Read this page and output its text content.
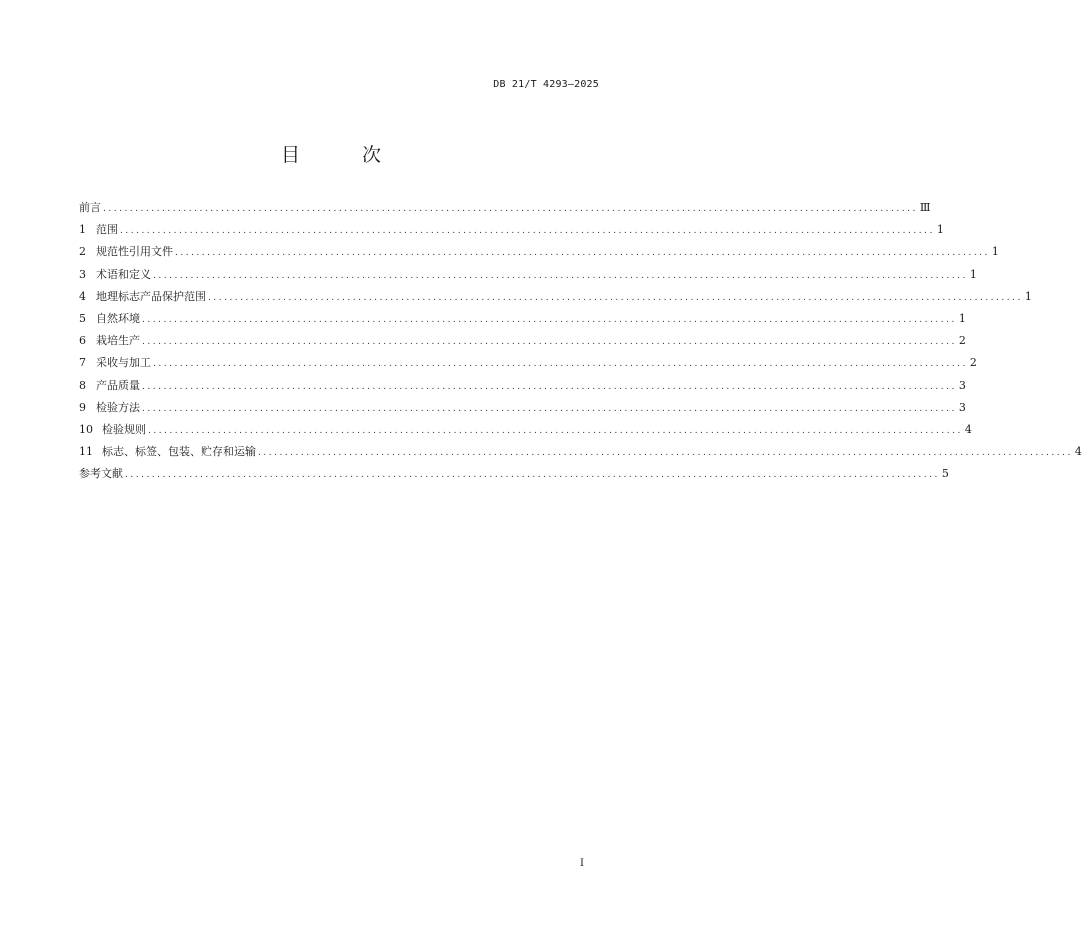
DB 21/T 4293—2025
目 次
前言 ........................................................................................................................................................ Ⅲ
1 范围 ........................................................................................................................................................ 1
2 规范性引用文件 ........................................................................................................................................................ 1
3 术语和定义 ........................................................................................................................................................ 1
4 地理标志产品保护范围 ........................................................................................................................................................ 1
5 自然环境 ........................................................................................................................................................ 1
6 栽培生产 ........................................................................................................................................................ 2
7 采收与加工 ........................................................................................................................................................ 2
8 产品质量 ........................................................................................................................................................ 3
9 检验方法 ........................................................................................................................................................ 3
10 检验规则 ........................................................................................................................................................ 4
11 标志、标签、包装、贮存和运输 ........................................................................................................................................................ 4
参考文献 ........................................................................................................................................................ 5
I
